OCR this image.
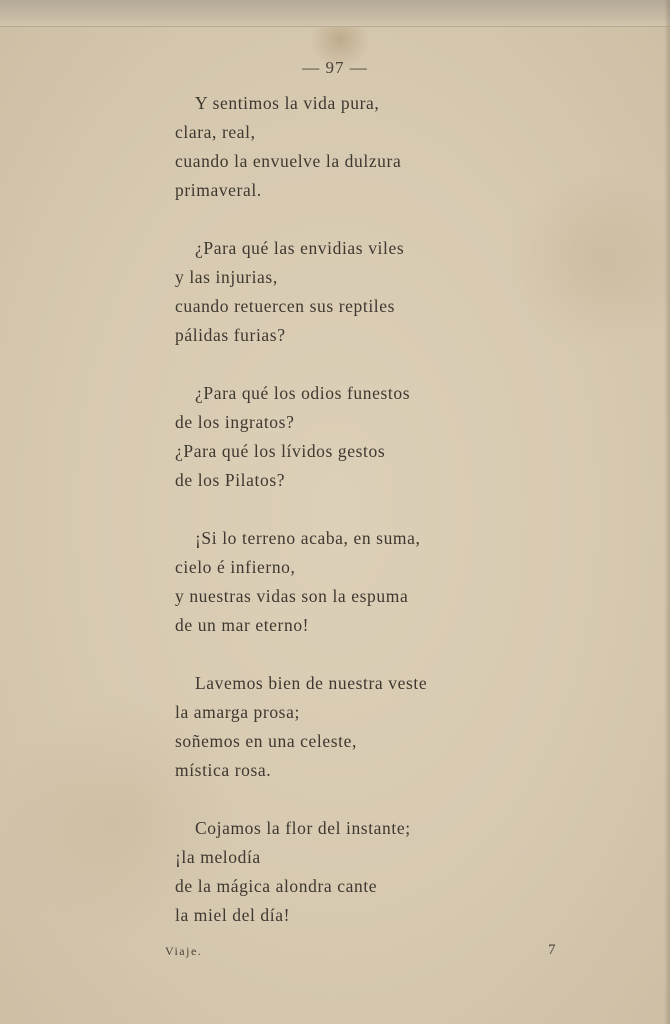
— 97 —
Y sentimos la vida pura,
clara, real,
cuando la envuelve la dulzura
primaveral.
¿Para qué las envidias viles
y las injurias,
cuando retuercen sus reptiles
pálidas furias?
¿Para qué los odios funestos
de los ingratos?
¿Para qué los lívidos gestos
de los Pilatos?
¡Si lo terreno acaba, en suma,
cielo é infierno,
y nuestras vidas son la espuma
de un mar eterno!
Lavemos bien de nuestra veste
la amarga prosa;
soñemos en una celeste,
mística rosa.
Cojamos la flor del instante;
¡la melodía
de la mágica alondra cante
la miel del día!
Viaje.	7
